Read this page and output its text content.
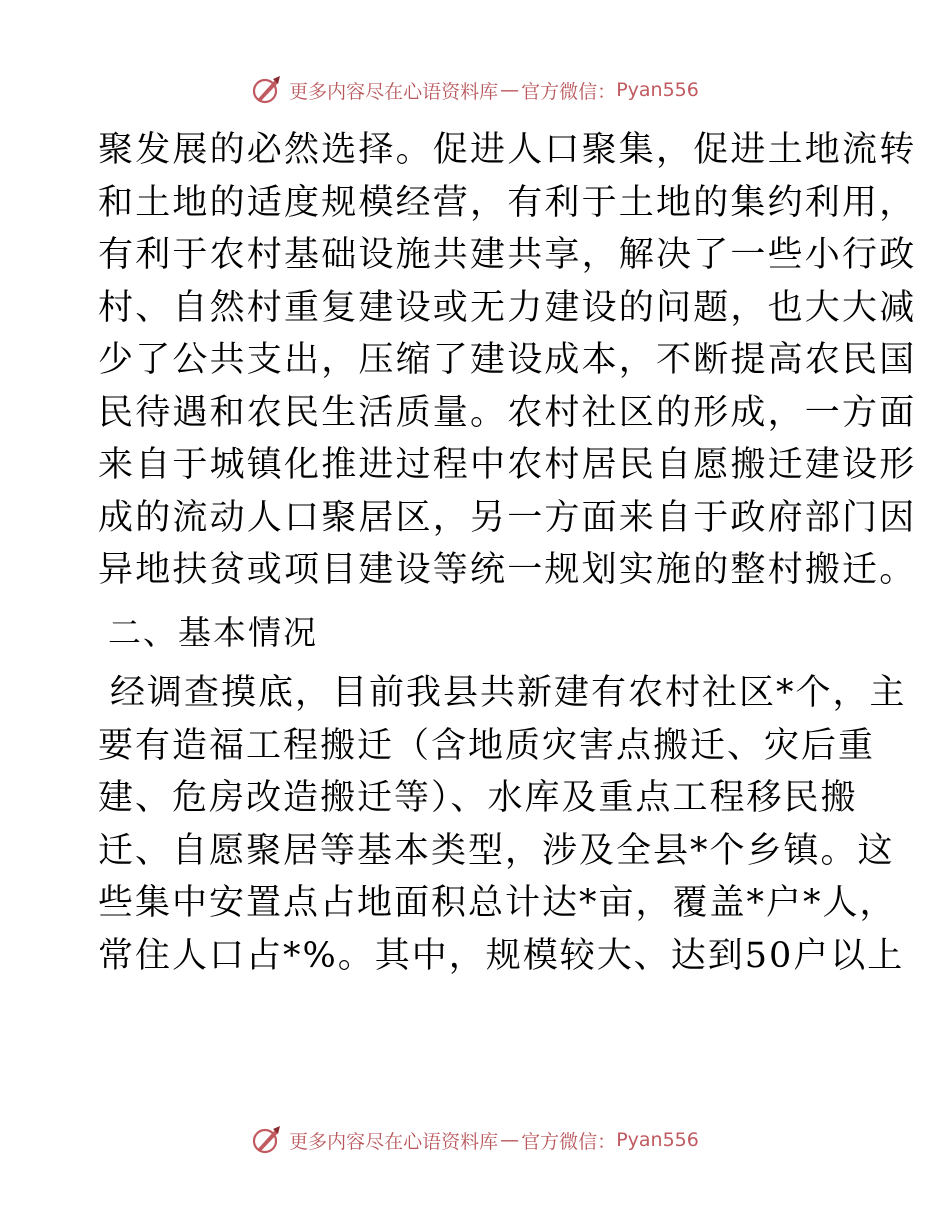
更多内容尽在心语资料库 — 官方微信： Pyan556
聚发展的必然选择。促进人口聚集，促进土地流转
和土地的适度规模经营，有利于土地的集约利用，
有利于农村基础设施共建共享，解决了一些小行政
村、自然村重复建设或无力建设的问题，也大大减
少了公共支出，压缩了建设成本，不断提高农民国
民待遇和农民生活质量。农村社区的形成，一方面
来自于城镇化推进过程中农村居民自愿搬迁建设形
成的流动人口聚居区，另一方面来自于政府部门因
异地扶贫或项目建设等统一规划实施的整村搬迁。
二、基本情况
经调查摸底，目前我县共新建有农村社区*个，主
要有造福工程搬迁（含地质灾害点搬迁、灾后重
建、危房改造搬迁等）、水库及重点工程移民搬
迁、自愿聚居等基本类型，涉及全县*个乡镇。这
些集中安置点占地面积总计达*亩，覆盖*户*人，
常住人口占*%。其中，规模较大、达到50户以上
更多内容尽在心语资料库 — 官方微信： Pyan556
